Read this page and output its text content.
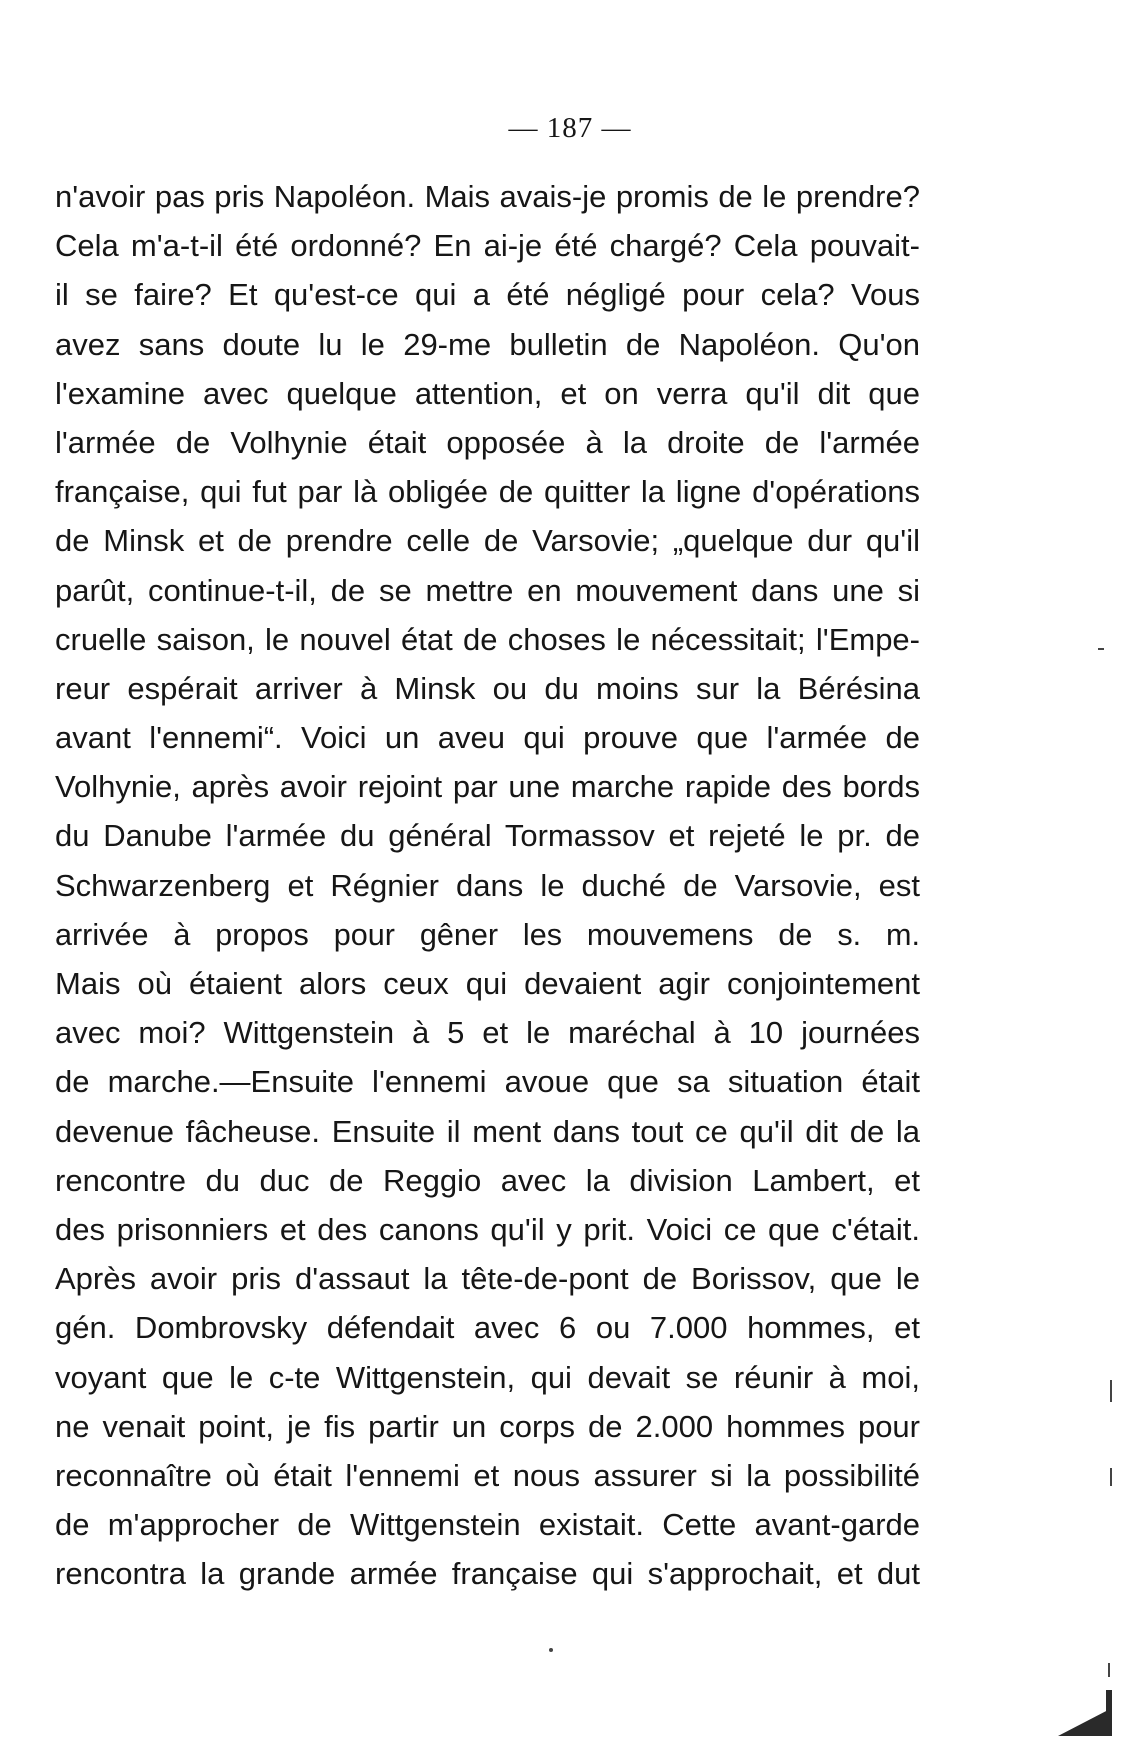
— 187 —
n'avoir pas pris Napoléon. Mais avais-je promis de le prendre?
Cela m'a-t-il été ordonné? En ai-je été chargé? Cela pouvait-
il se faire? Et qu'est-ce qui a été négligé pour cela? Vous
avez sans doute lu le 29-me bulletin de Napoléon. Qu'on
l'examine avec quelque attention, et on verra qu'il dit que
l'armée de Volhynie était opposée à la droite de l'armée
française, qui fut par là obligée de quitter la ligne d'opérations
de Minsk et de prendre celle de Varsovie; „quelque dur qu'il
parût, continue-t-il, de se mettre en mouvement dans une si
cruelle saison, le nouvel état de choses le nécessitait; l'Empe-
reur espérait arriver à Minsk ou du moins sur la Bérésina
avant l'ennemi“. Voici un aveu qui prouve que l'armée de
Volhynie, après avoir rejoint par une marche rapide des bords
du Danube l'armée du général Tormassov et rejeté le pr. de
Schwarzenberg et Régnier dans le duché de Varsovie, est
arrivée à propos pour gêner les mouvemens de s. m.
Mais où étaient alors ceux qui devaient agir conjointement
avec moi? Wittgenstein à 5 et le maréchal à 10 journées
de marche.—Ensuite l'ennemi avoue que sa situation était
devenue fâcheuse. Ensuite il ment dans tout ce qu'il dit de la
rencontre du duc de Reggio avec la division Lambert, et
des prisonniers et des canons qu'il y prit. Voici ce que c'était.
Après avoir pris d'assaut la tête-de-pont de Borissov, que le
gén. Dombrovsky défendait avec 6 ou 7.000 hommes, et
voyant que le c-te Wittgenstein, qui devait se réunir à moi,
ne venait point, je fis partir un corps de 2.000 hommes pour
reconnaître où était l'ennemi et nous assurer si la possibilité
de m'approcher de Wittgenstein existait. Cette avant-garde
rencontra la grande armée française qui s'approchait, et dut
